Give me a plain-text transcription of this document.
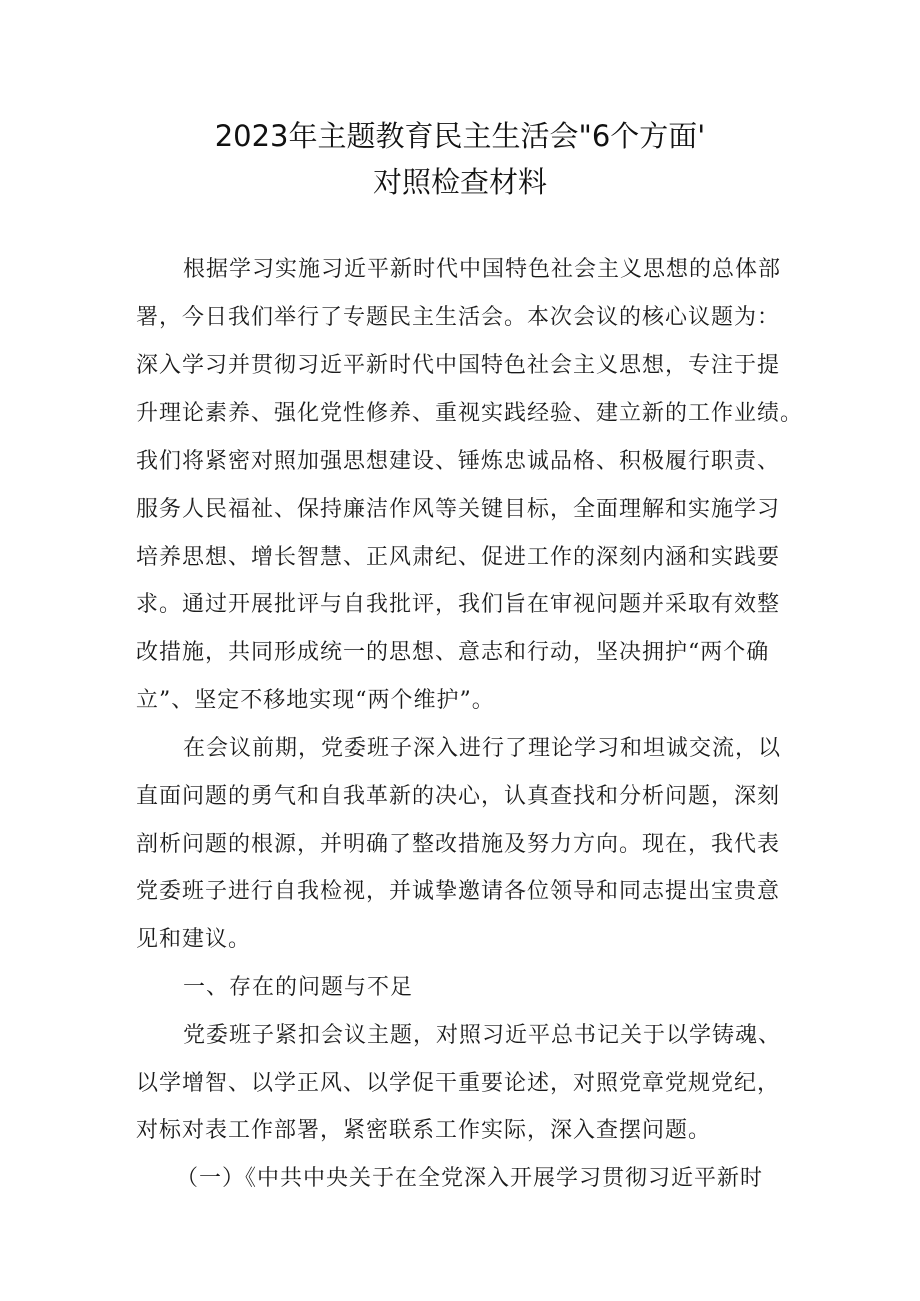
2023年主题教育民主生活会"6个方面'
对照检查材料
根据学习实施习近平新时代中国特色社会主义思想的总体部
署，今日我们举行了专题民主生活会。本次会议的核心议题为：
深入学习并贯彻习近平新时代中国特色社会主义思想，专注于提
升理论素养、强化党性修养、重视实践经验、建立新的工作业绩。
我们将紧密对照加强思想建设、锤炼忠诚品格、积极履行职责、
服务人民福祉、保持廉洁作风等关键目标，全面理解和实施学习
培养思想、增长智慧、正风肃纪、促进工作的深刻内涵和实践要
求。通过开展批评与自我批评，我们旨在审视问题并采取有效整
改措施，共同形成统一的思想、意志和行动，坚决拥护“两个确
立”、坚定不移地实现“两个维护”。
在会议前期，党委班子深入进行了理论学习和坦诚交流，以
直面问题的勇气和自我革新的决心，认真查找和分析问题，深刻
剖析问题的根源，并明确了整改措施及努力方向。现在，我代表
党委班子进行自我检视，并诚挚邀请各位领导和同志提出宝贵意
见和建议。
一、存在的问题与不足
党委班子紧扣会议主题，对照习近平总书记关于以学铸魂、
以学增智、以学正风、以学促干重要论述，对照党章党规党纪，
对标对表工作部署，紧密联系工作实际，深入查摆问题。
（一）《中共中央关于在全党深入开展学习贯彻习近平新时
